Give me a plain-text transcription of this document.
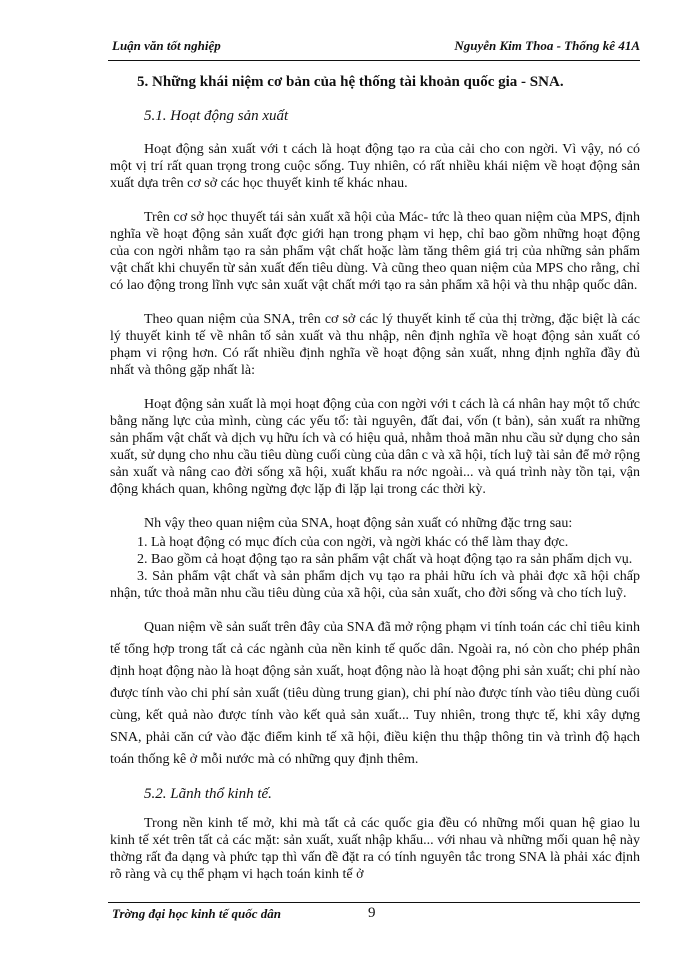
Luận văn tốt nghiệp	Nguyễn Kim Thoa - Thống kê 41A

5. Những khái niệm cơ bản của hệ thống tài khoản quốc gia - SNA.

5.1. Hoạt động sản xuất

Hoạt động sản xuất với t cách là hoạt động tạo ra của cải cho con ngời. Vì vậy, nó có một vị trí rất quan trọng trong cuộc sống. Tuy nhiên, có rất nhiều khái niệm về hoạt động sản xuất dựa trên cơ sở các học thuyết kinh tế khác nhau.

Trên cơ sở học thuyết tái sản xuất xã hội của Mác- tức là theo quan niệm của MPS, định nghĩa về hoạt động sản xuất đợc giới hạn trong phạm vi hẹp, chỉ bao gồm những hoạt động của con ngời nhằm tạo ra sản phẩm vật chất hoặc làm tăng thêm giá trị của những sản phẩm vật chất khi chuyển từ sản xuất đến tiêu dùng. Và cũng theo quan niệm của MPS cho rằng, chỉ có lao động trong lĩnh vực sản xuất vật chất mới tạo ra sản phẩm xã hội và thu nhập quốc dân.

Theo quan niệm của SNA, trên cơ sở các lý thuyết kinh tế của thị trờng, đặc biệt là các lý thuyết kinh tế về nhân tố sản xuất và thu nhập, nên định nghĩa về hoạt động sản xuất có phạm vi rộng hơn. Có rất nhiều định nghĩa về hoạt động sản xuất, nhng định nghĩa đầy đủ nhất và thông gặp nhất là:

Hoạt động sản xuất là mọi hoạt động của con ngời với t cách là cá nhân hay một tổ chức bằng năng lực của mình, cùng các yếu tố: tài nguyên, đất đai, vốn (t bản), sản xuất ra những sản phẩm vật chất và dịch vụ hữu ích và có hiệu quả, nhằm thoả mãn nhu cầu sử dụng cho sản xuất, sử dụng cho nhu cầu tiêu dùng cuối cùng của dân c và xã hội, tích luỹ tài sản để mở rộng sản xuất và nâng cao đời sống xã hội, xuất khẩu ra nớc ngoài... và quá trình này tồn tại, vận động khách quan, không ngừng đợc lặp đi lặp lại trong các thời kỳ.

Nh vậy theo quan niệm của SNA, hoạt động sản xuất có những đặc trng sau:

1. Là hoạt động có mục đích của con ngời, và ngời khác có thể làm thay đợc.

2. Bao gồm cả hoạt động tạo ra sản phẩm vật chất và hoạt động tạo ra sản phẩm dịch vụ.

3. Sản phẩm vật chất và sản phẩm dịch vụ tạo ra phải hữu ích và phải đợc xã hội chấp nhận, tức thoả mãn nhu cầu tiêu dùng của xã hội, của sản xuất, cho đời sống và cho tích luỹ.

Quan niệm về sản suất trên đây của SNA đã mở rộng phạm vi tính toán các chỉ tiêu kinh tế tổng hợp trong tất cả các ngành của nền kinh tế quốc dân. Ngoài ra, nó còn cho phép phân định hoạt động nào là hoạt động sản xuất, hoạt động nào là hoạt động phi sản xuất; chi phí nào được tính vào chi phí sản xuất (tiêu dùng trung gian), chi phí nào được tính vào tiêu dùng cuối cùng, kết quả nào được tính vào kết quả sản xuất... Tuy nhiên, trong thực tế, khi xây dựng SNA, phải căn cứ vào đặc điểm kinh tế xã hội, điều kiện thu thập thông tin và trình độ hạch toán thống kê ở mỗi nước mà có những quy định thêm.

5.2. Lãnh thổ kinh tế.

Trong nền kinh tế mở, khi mà tất cả các quốc gia đều có những mối quan hệ giao lu kinh tế xét trên tất cả các mặt: sản xuất, xuất nhập khẩu... với nhau và những mối quan hệ này thờng rất đa dạng và phức tạp thì vấn đề đặt ra có tính nguyên tắc trong SNA là phải xác định rõ ràng và cụ thể phạm vi hạch toán kinh tế ở

Trờng đại học kinh tế quốc dân	9
